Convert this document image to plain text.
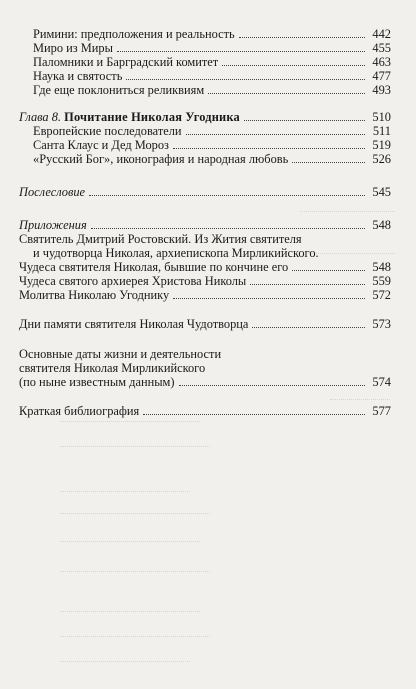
Римини: предположения и реальность	442
Миро из Миры	455
Паломники и Барградский комитет	463
Наука и святость	477
Где еще поклониться реликвиям	493
Глава 8. Почитание Николая Угодника	510
Европейские последователи	511
Санта Клаус и Дед Мороз	519
«Русский Бог», иконография и народная любовь	526
Послесловие	545
Приложения	548
Святитель Дмитрий Ростовский. Из Жития святителя
и чудотворца Николая, архиепископа Мирликийского.
Чудеса святителя Николая, бывшие по кончине его	548
Чудеса святого архиерея Христова Николы	559
Молитва Николаю Угоднику	572
Дни памяти святителя Николая Чудотворца	573
Основные даты жизни и деятельности
святителя Николая Мирликийского
(по ныне известным данным)	574
Краткая библиография	577
